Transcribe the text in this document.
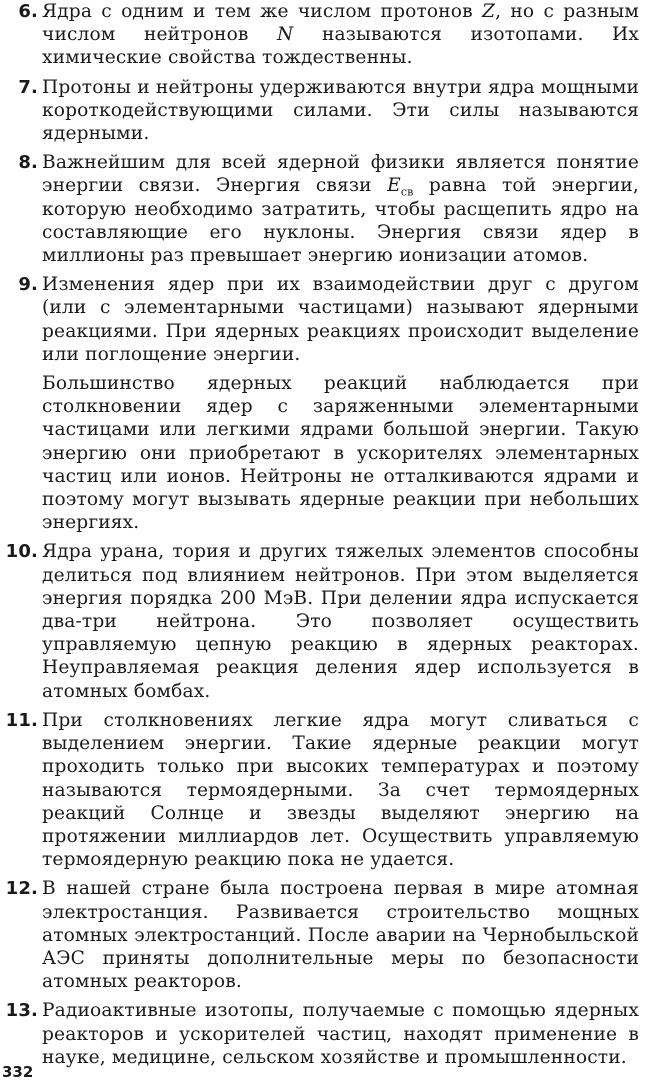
6. Ядра с одним и тем же числом протонов Z, но с разным числом нейтронов N называются изотопами. Их химические свойства тождественны.
7. Протоны и нейтроны удерживаются внутри ядра мощными короткодействующими силами. Эти силы называются ядерными.
8. Важнейшим для всей ядерной физики является понятие энергии связи. Энергия связи $E_{св}$ равна той энергии, которую необходимо затратить, чтобы расщепить ядро на составляющие его нуклоны. Энергия связи ядер в миллионы раз превышает энергию ионизации атомов.
9. Изменения ядер при их взаимодействии друг с другом (или с элементарными частицами) называют ядерными реакциями. При ядерных реакциях происходит выделение или поглощение энергии.
Большинство ядерных реакций наблюдается при столкновении ядер с заряженными элементарными частицами или легкими ядрами большой энергии. Такую энергию они приобретают в ускорителях элементарных частиц или ионов. Нейтроны не отталкиваются ядрами и поэтому могут вызывать ядерные реакции при небольших энергиях.
10. Ядра урана, тория и других тяжелых элементов способны делиться под влиянием нейтронов. При этом выделяется энергия порядка 200 МэВ. При делении ядра испускается два-три нейтрона. Это позволяет осуществить управляемую цепную реакцию в ядерных реакторах. Неуправляемая реакция деления ядер используется в атомных бомбах.
11. При столкновениях легкие ядра могут сливаться с выделением энергии. Такие ядерные реакции могут проходить только при высоких температурах и поэтому называются термоядерными. За счет термоядерных реакций Солнце и звезды выделяют энергию на протяжении миллиардов лет. Осуществить управляемую термоядерную реакцию пока не удается.
12. В нашей стране была построена первая в мире атомная электростанция. Развивается строительство мощных атомных электростанций. После аварии на Чернобыльской АЭС приняты дополнительные меры по безопасности атомных реакторов.
13. Радиоактивные изотопы, получаемые с помощью ядерных реакторов и ускорителей частиц, находят применение в науке, медицине, сельском хозяйстве и промышленности.
332
